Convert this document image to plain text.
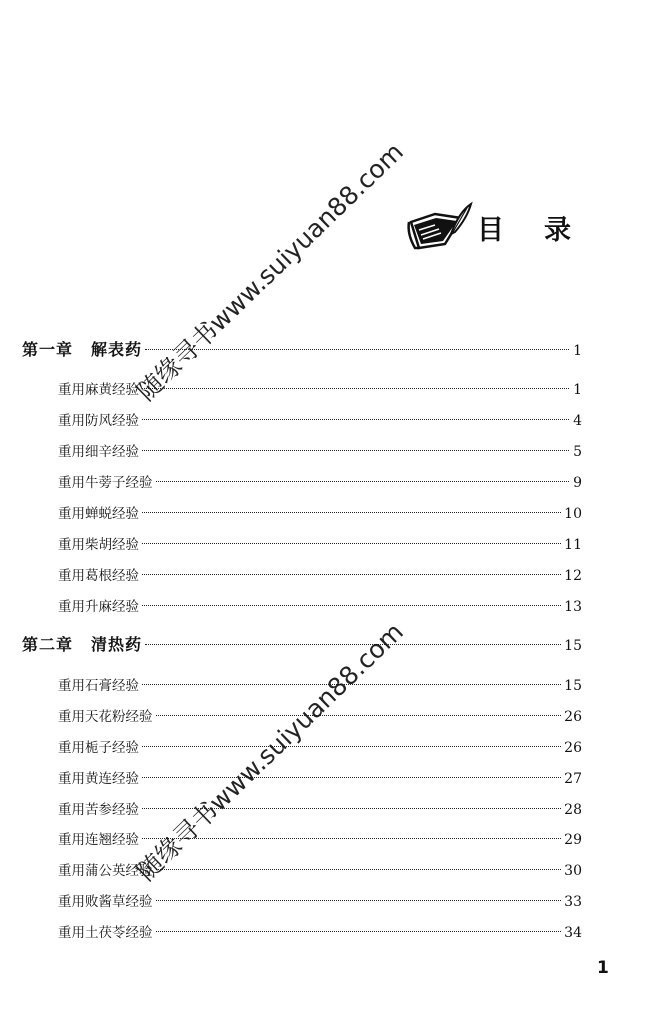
目 录
第一章 解表药	1
重用麻黄经验	1
重用防风经验	4
重用细辛经验	5
重用牛蒡子经验	9
重用蝉蜕经验	10
重用柴胡经验	11
重用葛根经验	12
重用升麻经验	13
第二章 清热药	15
重用石膏经验	15
重用天花粉经验	26
重用栀子经验	26
重用黄连经验	27
重用苦参经验	28
重用连翘经验	29
重用蒲公英经验	30
重用败酱草经验	33
重用土茯苓经验	34
1
随缘寻书www.suiyuan88.com
随缘寻书www.suiyuan88.com
